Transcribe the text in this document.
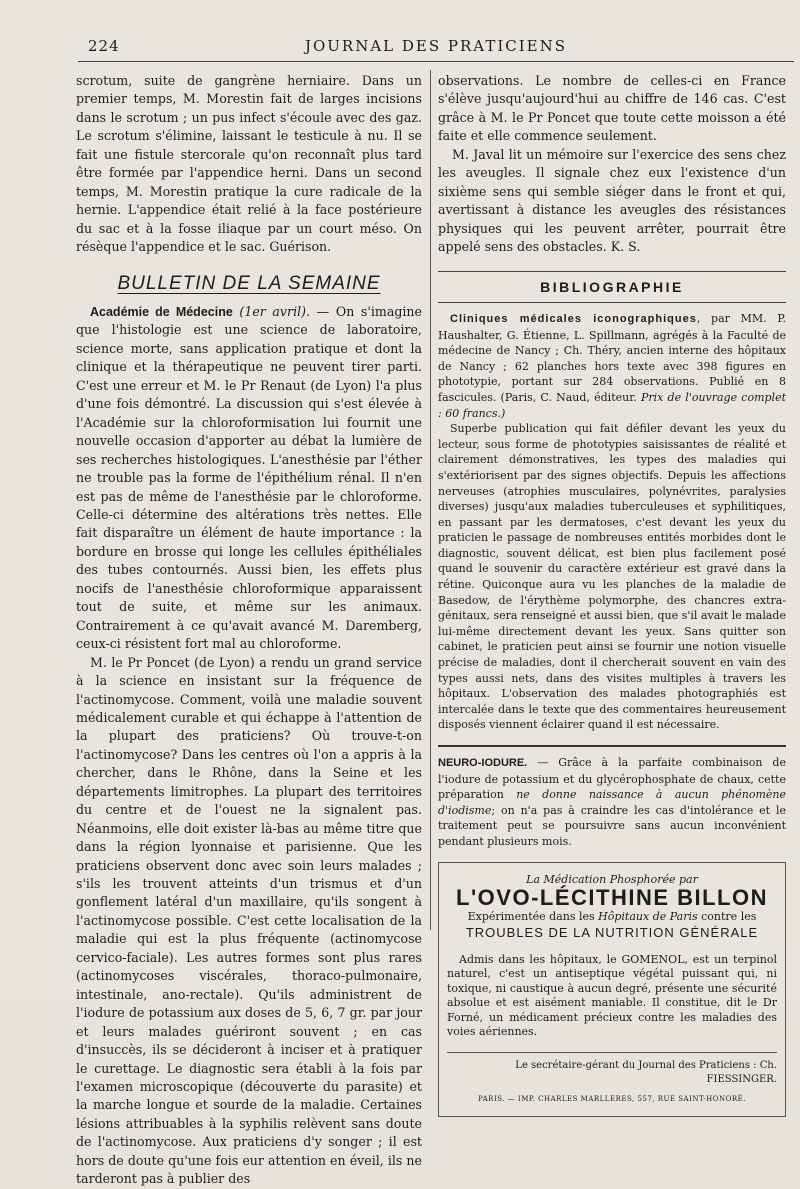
224	JOURNAL DES PRATICIENS

scrotum, suite de gangrène herniaire. Dans un premier temps, M. Morestin fait de larges incisions dans le scrotum ; un pus infect s'écoule avec des gaz. Le scrotum s'élimine, laissant le testicule à nu. Il se fait une fistule stercorale qu'on reconnaît plus tard être formée par l'appendice herni. Dans un second temps, M. Morestin pratique la cure radicale de la hernie. L'appendice était relié à la face postérieure du sac et à la fosse iliaque par un court méso. On résèque l'appendice et le sac. Guérison.

BULLETIN DE LA SEMAINE

Académie de Médecine (1er avril). — On s'imagine que l'histologie est une science de laboratoire, science morte, sans application pratique et dont la clinique et la thérapeutique ne peuvent tirer parti. C'est une erreur et M. le Pr Renaut (de Lyon) l'a plus d'une fois démontré. La discussion qui s'est élevée à l'Académie sur la chloroformisation lui fournit une nouvelle occasion d'apporter au débat la lumière de ses recherches histologiques. L'anesthésie par l'éther ne trouble pas la forme de l'épithélium rénal. Il n'en est pas de même de l'anesthésie par le chloroforme. Celle-ci détermine des altérations très nettes. Elle fait disparaître un élément de haute importance : la bordure en brosse qui longe les cellules épithéliales des tubes contournés. Aussi bien, les effets plus nocifs de l'anesthésie chloroformique apparaissent tout de suite, et même sur les animaux. Contrairement à ce qu'avait avancé M. Daremberg, ceux-ci résistent fort mal au chloroforme.

M. le Pr Poncet (de Lyon) a rendu un grand service à la science en insistant sur la fréquence de l'actinomycose. Comment, voilà une maladie souvent médicalement curable et qui échappe à l'attention de la plupart des praticiens? Où trouve-t-on l'actinomycose? Dans les centres où l'on a appris à la chercher, dans le Rhône, dans la Seine et les départements limitrophes. La plupart des territoires du centre et de l'ouest ne la signalent pas. Néanmoins, elle doit exister là-bas au même titre que dans la région lyonnaise et parisienne. Que les praticiens observent donc avec soin leurs malades ; s'ils les trouvent atteints d'un trismus et d'un gonflement latéral d'un maxillaire, qu'ils songent à l'actinomycose possible. C'est cette localisation de la maladie qui est la plus fréquente (actinomycose cervico-faciale). Les autres formes sont plus rares (actinomycoses viscérales, thoraco-pulmonaire, intestinale, ano-rectale). Qu'ils administrent de l'iodure de potassium aux doses de 5, 6, 7 gr. par jour et leurs malades guériront souvent ; en cas d'insuccès, ils se décideront à inciser et à pratiquer le curettage. Le diagnostic sera établi à la fois par l'examen microscopique (découverte du parasite) et la marche longue et sourde de la maladie. Certaines lésions attribuables à la syphilis relèvent sans doute de l'actinomycose. Aux praticiens d'y songer ; il est hors de doute qu'une fois eur attention en éveil, ils ne tarderont pas à publier des

observations. Le nombre de celles-ci en France s'élève jusqu'aujourd'hui au chiffre de 146 cas. C'est grâce à M. le Pr Poncet que toute cette moisson a été faite et elle commence seulement.

M. Javal lit un mémoire sur l'exercice des sens chez les aveugles. Il signale chez eux l'existence d'un sixième sens qui semble siéger dans le front et qui, avertissant à distance les aveugles des résistances physiques qui les peuvent arrêter, pourrait être appelé sens des obstacles. K. S.

BIBLIOGRAPHIE

Cliniques médicales iconographiques, par MM. P. Haushalter, G. Étienne, L. Spillmann, agrégés à la Faculté de médecine de Nancy ; Ch. Théry, ancien interne des hôpitaux de Nancy ; 62 planches hors texte avec 398 figures en phototypie, portant sur 284 observations. Publié en 8 fascicules. (Paris, C. Naud, éditeur. Prix de l'ouvrage complet : 60 francs.)

Superbe publication qui fait défiler devant les yeux du lecteur, sous forme de phototypies saisissantes de réalité et clairement démonstratives, les types des maladies qui s'extériorisent par des signes objectifs. Depuis les affections nerveuses (atrophies musculaires, polynévrites, paralysies diverses) jusqu'aux maladies tuberculeuses et syphilitiques, en passant par les dermatoses, c'est devant les yeux du praticien le passage de nombreuses entités morbides dont le diagnostic, souvent délicat, est bien plus facilement posé quand le souvenir du caractère extérieur est gravé dans la rétine. Quiconque aura vu les planches de la maladie de Basedow, de l'érythème polymorphe, des chancres extra-génitaux, sera renseigné et aussi bien, que s'il avait le malade lui-même directement devant les yeux. Sans quitter son cabinet, le praticien peut ainsi se fournir une notion visuelle précise de maladies, dont il chercherait souvent en vain des types aussi nets, dans des visites multiples à travers les hôpitaux. L'observation des malades photographiés est intercalée dans le texte que des commentaires heureusement disposés viennent éclairer quand il est nécessaire.

NEURO-IODURE. — Grâce à la parfaite combinaison de l'iodure de potassium et du glycérophosphate de chaux, cette préparation ne donne naissance à aucun phénomène d'iodisme; on n'a pas à craindre les cas d'intolérance et le traitement peut se poursuivre sans aucun inconvénient pendant plusieurs mois.

La Médication Phosphorée par
L'OVO-LÉCITHINE BILLON
Expérimentée dans les Hôpitaux de Paris contre les
TROUBLES DE LA NUTRITION GÉNÉRALE

Admis dans les hôpitaux, le GOMENOL, est un terpinol naturel, c'est un antiseptique végétal puissant qui, ni toxique, ni caustique à aucun degré, présente une sécurité absolue et est aisément maniable. Il constitue, dit le Dr Forné, un médicament précieux contre les maladies des voies aériennes.

Le secrétaire-gérant du Journal des Praticiens : Ch. FIESSINGER.
PARIS. — IMP. CHARLES MARLLERES, 557, RUE SAINT-HONORÉ.
